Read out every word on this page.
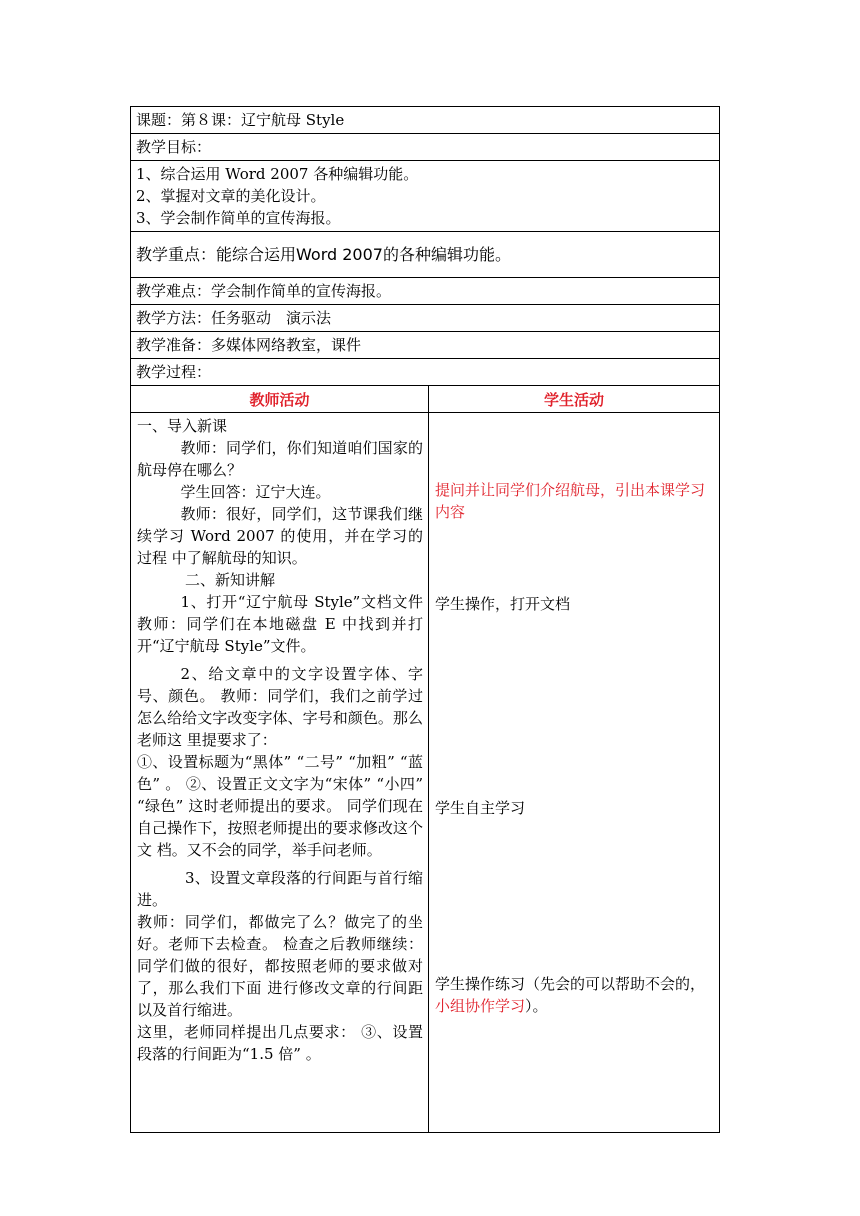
课题：第８课：辽宁航母 Style
教学目标：
1、综合运用 Word 2007 各种编辑功能。
2、掌握对文章的美化设计。
3、学会制作简单的宣传海报。
教学重点：能综合运用 Word 2007 的各种编辑功能。
教学难点：学会制作简单的宣传海报。
教学方法：任务驱动　演示法
教学准备：多媒体网络教室，课件
教学过程：
教师活动	学生活动

一、导入新课

教师：同学们，你们知道咱们国家的航母停在哪么？

学生回答：辽宁大连。

教师：很好，同学们，这节课我们继续学习 Word 2007 的使用，并在学习的过程 中了解航母的知识。

二、新知讲解

1、打开“辽宁航母 Style”文档文件 教师：同学们在本地磁盘 E 中找到并打开“辽宁航母 Style”文件。

2、给文章中的文字设置字体、字号、颜色。 教师：同学们，我们之前学过怎么给给文字改变字体、字号和颜色。那么老师这 里提要求了：

①、设置标题为“黑体” “二号” “加粗” “蓝色” 。 ②、设置正文文字为“宋体” “小四” “绿色” 这时老师提出的要求。 同学们现在自己操作下，按照老师提出的要求修改这个文 档。又不会的同学，举手问老师。

3、设置文章段落的行间距与首行缩进。

教师：同学们，都做完了么？做完了的坐好。老师下去检查。 检查之后教师继续：同学们做的很好，都按照老师的要求做对了，那么我们下面 进行修改文章的行间距以及首行缩进。

这里，老师同样提出几点要求： ③、设置段落的行间距为“1.5 倍” 。

提问并让同学们介绍航母，引出本课学习内容
学生操作，打开文档
学生自主学习
学生操作练习（先会的可以帮助不会的，小组协作学习）。
